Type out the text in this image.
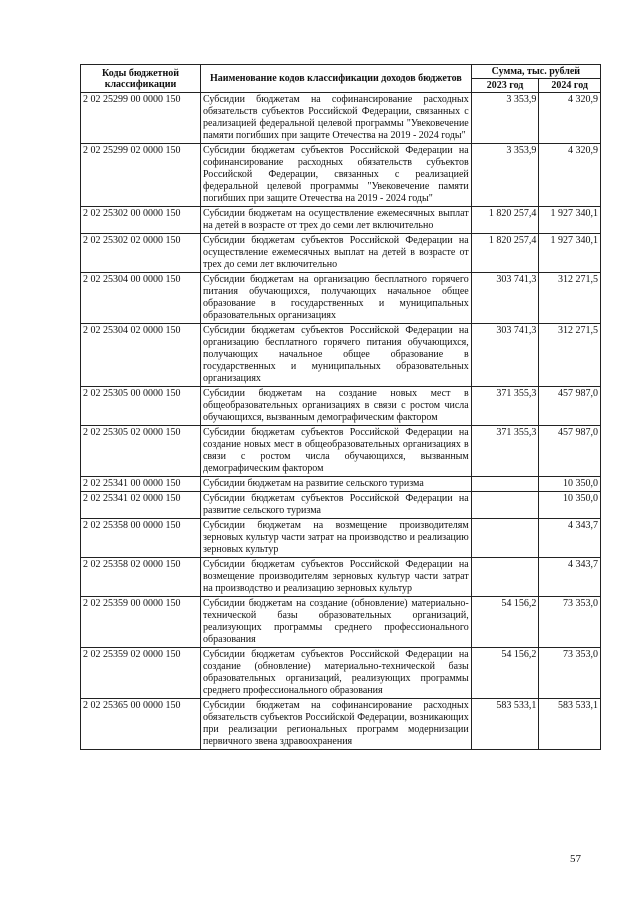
Коды бюджетной классификации	Наименование кодов классификации доходов бюджетов	Сумма, тыс. рублей	
		2023 год	2024 год
2 02 25299 00 0000 150	Субсидии бюджетам на софинансирование расходных обязательств субъектов Российской Федерации, связанных с реализацией федеральной целевой программы "Увековечение памяти погибших при защите Отечества на 2019 - 2024 годы"	3 353,9	4 320,9
2 02 25299 02 0000 150	Субсидии бюджетам субъектов Российской Федерации на софинансирование расходных обязательств субъектов Российской Федерации, связанных с реализацией федеральной целевой программы "Увековечение памяти погибших при защите Отечества на 2019 - 2024 годы"	3 353,9	4 320,9
2 02 25302 00 0000 150	Субсидии бюджетам на осуществление ежемесячных выплат на детей в возрасте от трех до семи лет включительно	1 820 257,4	1 927 340,1
2 02 25302 02 0000 150	Субсидии бюджетам субъектов Российской Федерации на осуществление ежемесячных выплат на детей в возрасте от трех до семи лет включительно	1 820 257,4	1 927 340,1
2 02 25304 00 0000 150	Субсидии бюджетам на организацию бесплатного горячего питания обучающихся, получающих начальное общее образование в государственных и муниципальных образовательных организациях	303 741,3	312 271,5
2 02 25304 02 0000 150	Субсидии бюджетам субъектов Российской Федерации на организацию бесплатного горячего питания обучающихся, получающих начальное общее образование в государственных и муниципальных образовательных организациях	303 741,3	312 271,5
2 02 25305 00 0000 150	Субсидии бюджетам на создание новых мест в общеобразовательных организациях в связи с ростом числа обучающихся, вызванным демографическим фактором	371 355,3	457 987,0
2 02 25305 02 0000 150	Субсидии бюджетам субъектов Российской Федерации на создание новых мест в общеобразовательных организациях в связи с ростом числа обучающихся, вызванным демографическим фактором	371 355,3	457 987,0
2 02 25341 00 0000 150	Субсидии бюджетам на развитие сельского туризма		10 350,0
2 02 25341 02 0000 150	Субсидии бюджетам субъектов Российской Федерации на развитие сельского туризма		10 350,0
2 02 25358 00 0000 150	Субсидии бюджетам на возмещение производителям зерновых культур части затрат на производство и реализацию зерновых культур		4 343,7
2 02 25358 02 0000 150	Субсидии бюджетам субъектов Российской Федерации на возмещение производителям зерновых культур части затрат на производство и реализацию зерновых культур		4 343,7
2 02 25359 00 0000 150	Субсидии бюджетам на создание (обновление) материально-технической базы образовательных организаций, реализующих программы среднего профессионального образования	54 156,2	73 353,0
2 02 25359 02 0000 150	Субсидии бюджетам субъектов Российской Федерации на создание (обновление) материально-технической базы образовательных организаций, реализующих программы среднего профессионального образования	54 156,2	73 353,0
2 02 25365 00 0000 150	Субсидии бюджетам на софинансирование расходных обязательств субъектов Российской Федерации, возникающих при реализации региональных программ модернизации первичного звена здравоохранения	583 533,1	583 533,1
57
